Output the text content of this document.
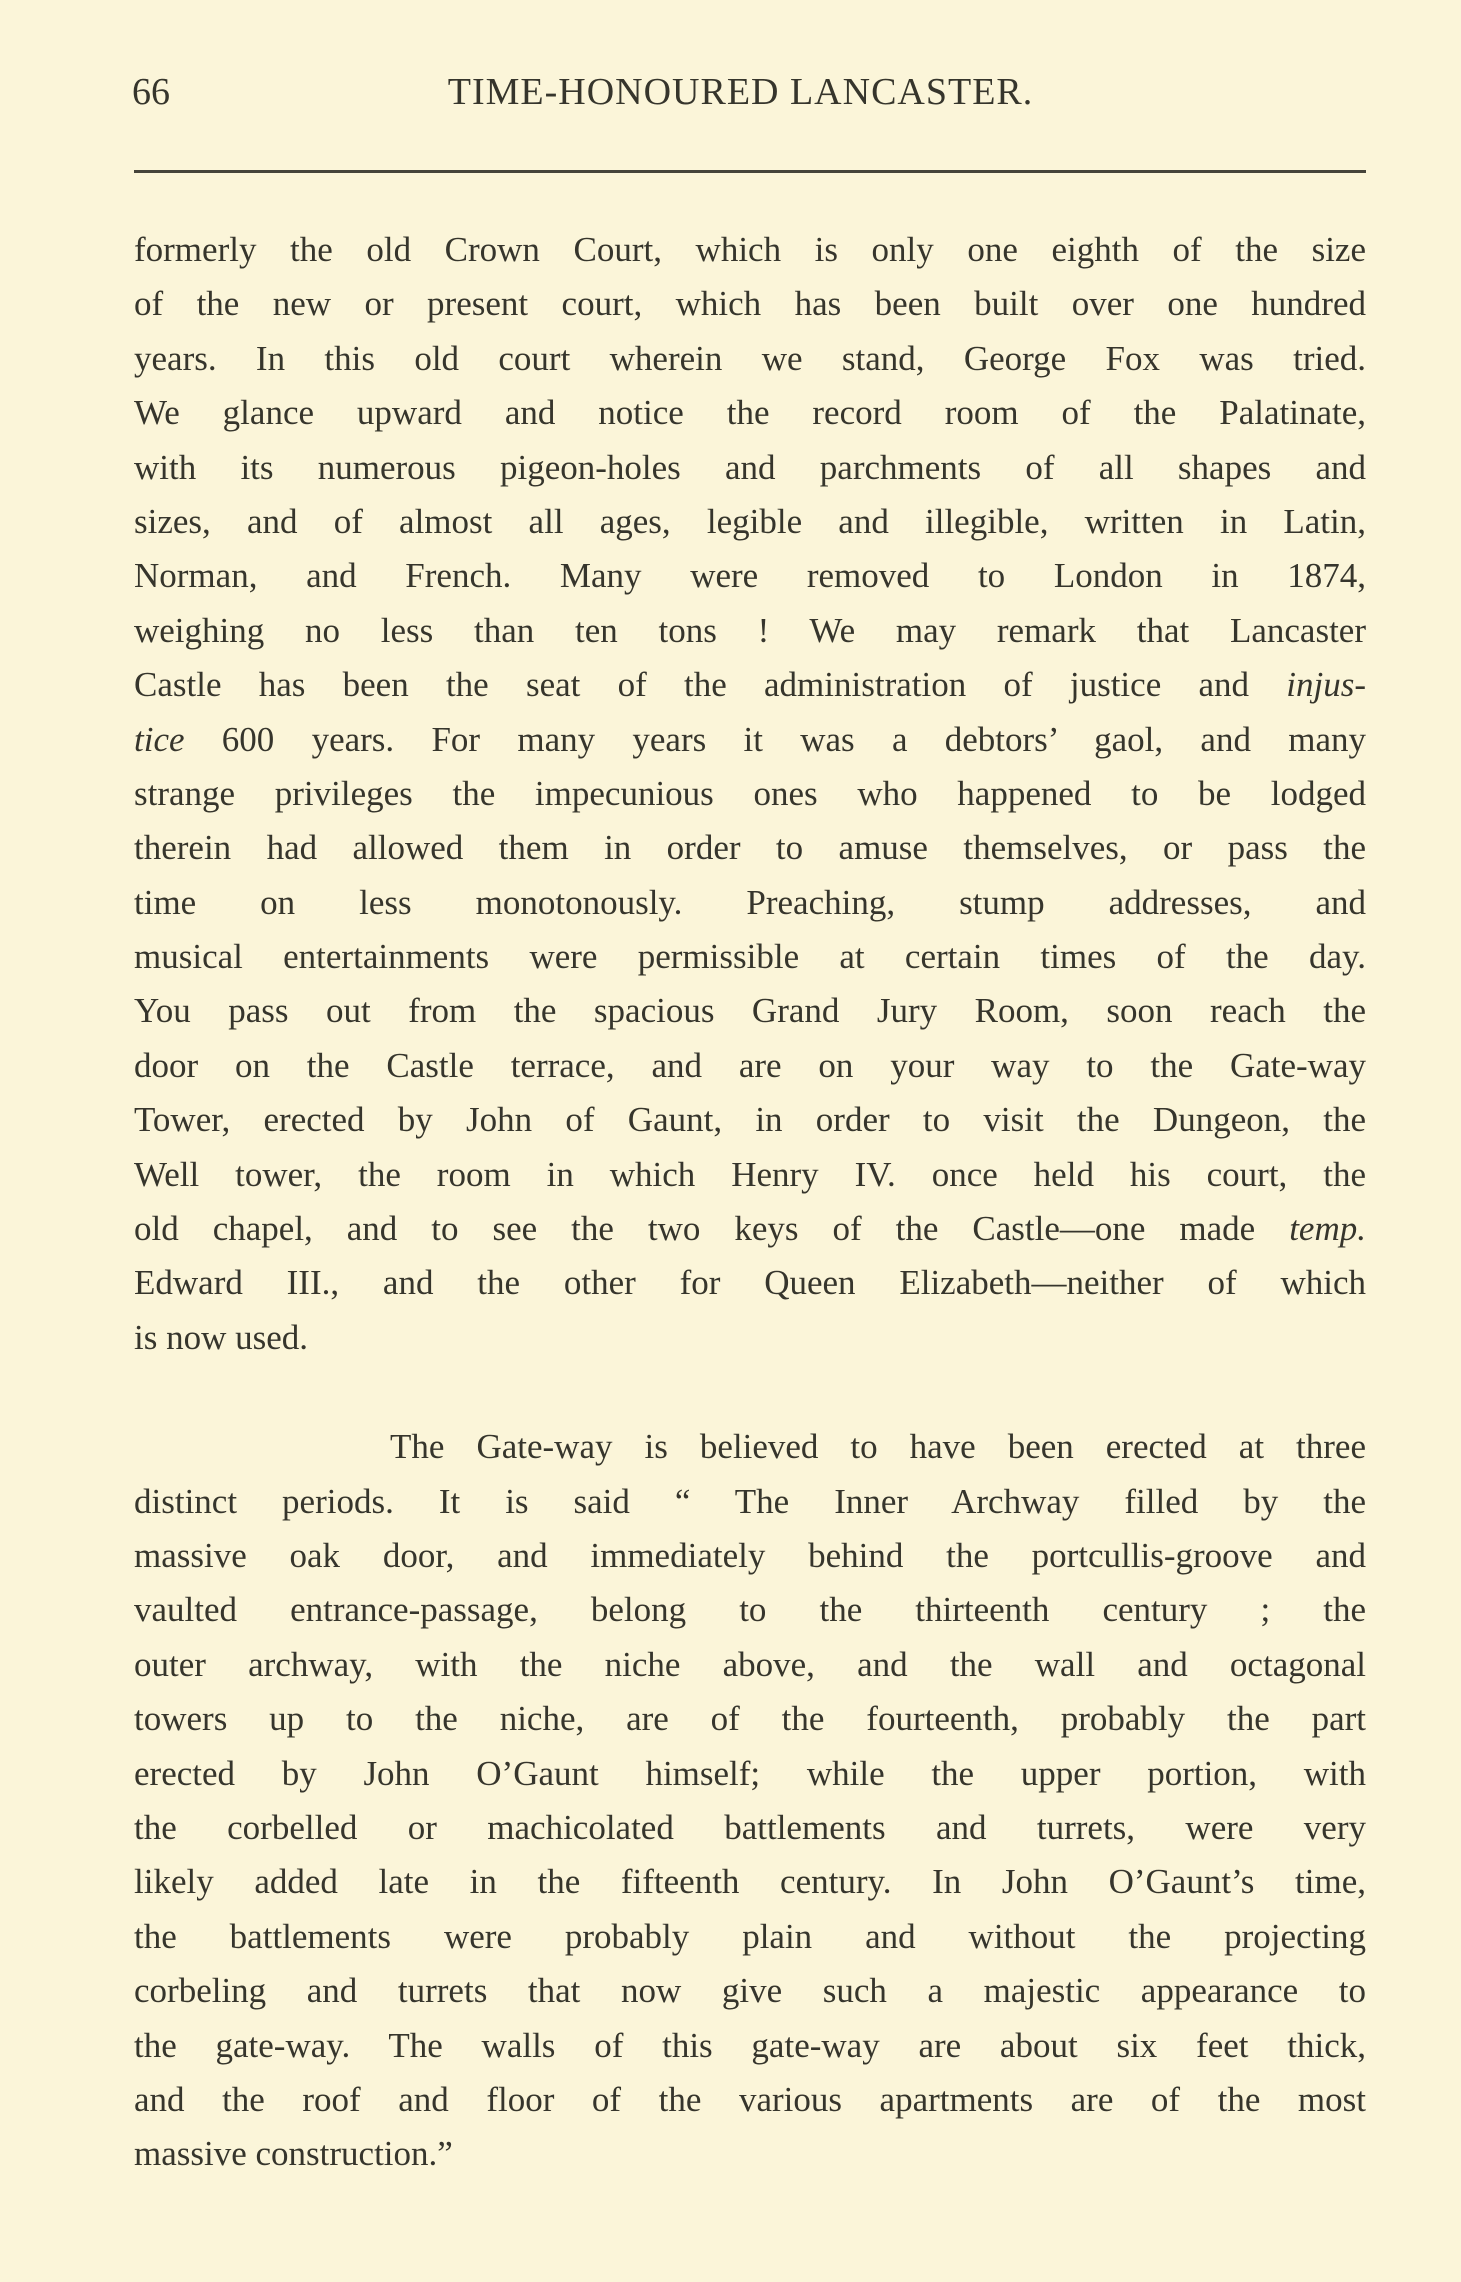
66	TIME-HONOURED LANCASTER.
formerly the old Crown Court, which is only one eighth of the size
of the new or present court, which has been built over one hundred
years. In this old court wherein we stand, George Fox was tried.
We glance upward and notice the record room of the Palatinate,
with its numerous pigeon-holes and parchments of all shapes and
sizes, and of almost all ages, legible and illegible, written in Latin,
Norman, and French. Many were removed to London in 1874,
weighing no less than ten tons ! We may remark that Lancaster
Castle has been the seat of the administration of justice and injus-
tice 600 years. For many years it was a debtors’ gaol, and many
strange privileges the impecunious ones who happened to be lodged
therein had allowed them in order to amuse themselves, or pass the
time on less monotonously. Preaching, stump addresses, and
musical entertainments were permissible at certain times of the day.
You pass out from the spacious Grand Jury Room, soon reach the
door on the Castle terrace, and are on your way to the Gate-way
Tower, erected by John of Gaunt, in order to visit the Dungeon, the
Well tower, the room in which Henry IV. once held his court, the
old chapel, and to see the two keys of the Castle—one made temp.
Edward III., and the other for Queen Elizabeth—neither of which
is now used.
The Gate-way is believed to have been erected at three
distinct periods. It is said “ The Inner Archway filled by the
massive oak door, and immediately behind the portcullis-groove and
vaulted entrance-passage, belong to the thirteenth century ; the
outer archway, with the niche above, and the wall and octagonal
towers up to the niche, are of the fourteenth, probably the part
erected by John O’Gaunt himself; while the upper portion, with
the corbelled or machicolated battlements and turrets, were very
likely added late in the fifteenth century. In John O’Gaunt’s time,
the battlements were probably plain and without the projecting
corbeling and turrets that now give such a majestic appearance to
the gate-way. The walls of this gate-way are about six feet thick,
and the roof and floor of the various apartments are of the most
massive construction.”
